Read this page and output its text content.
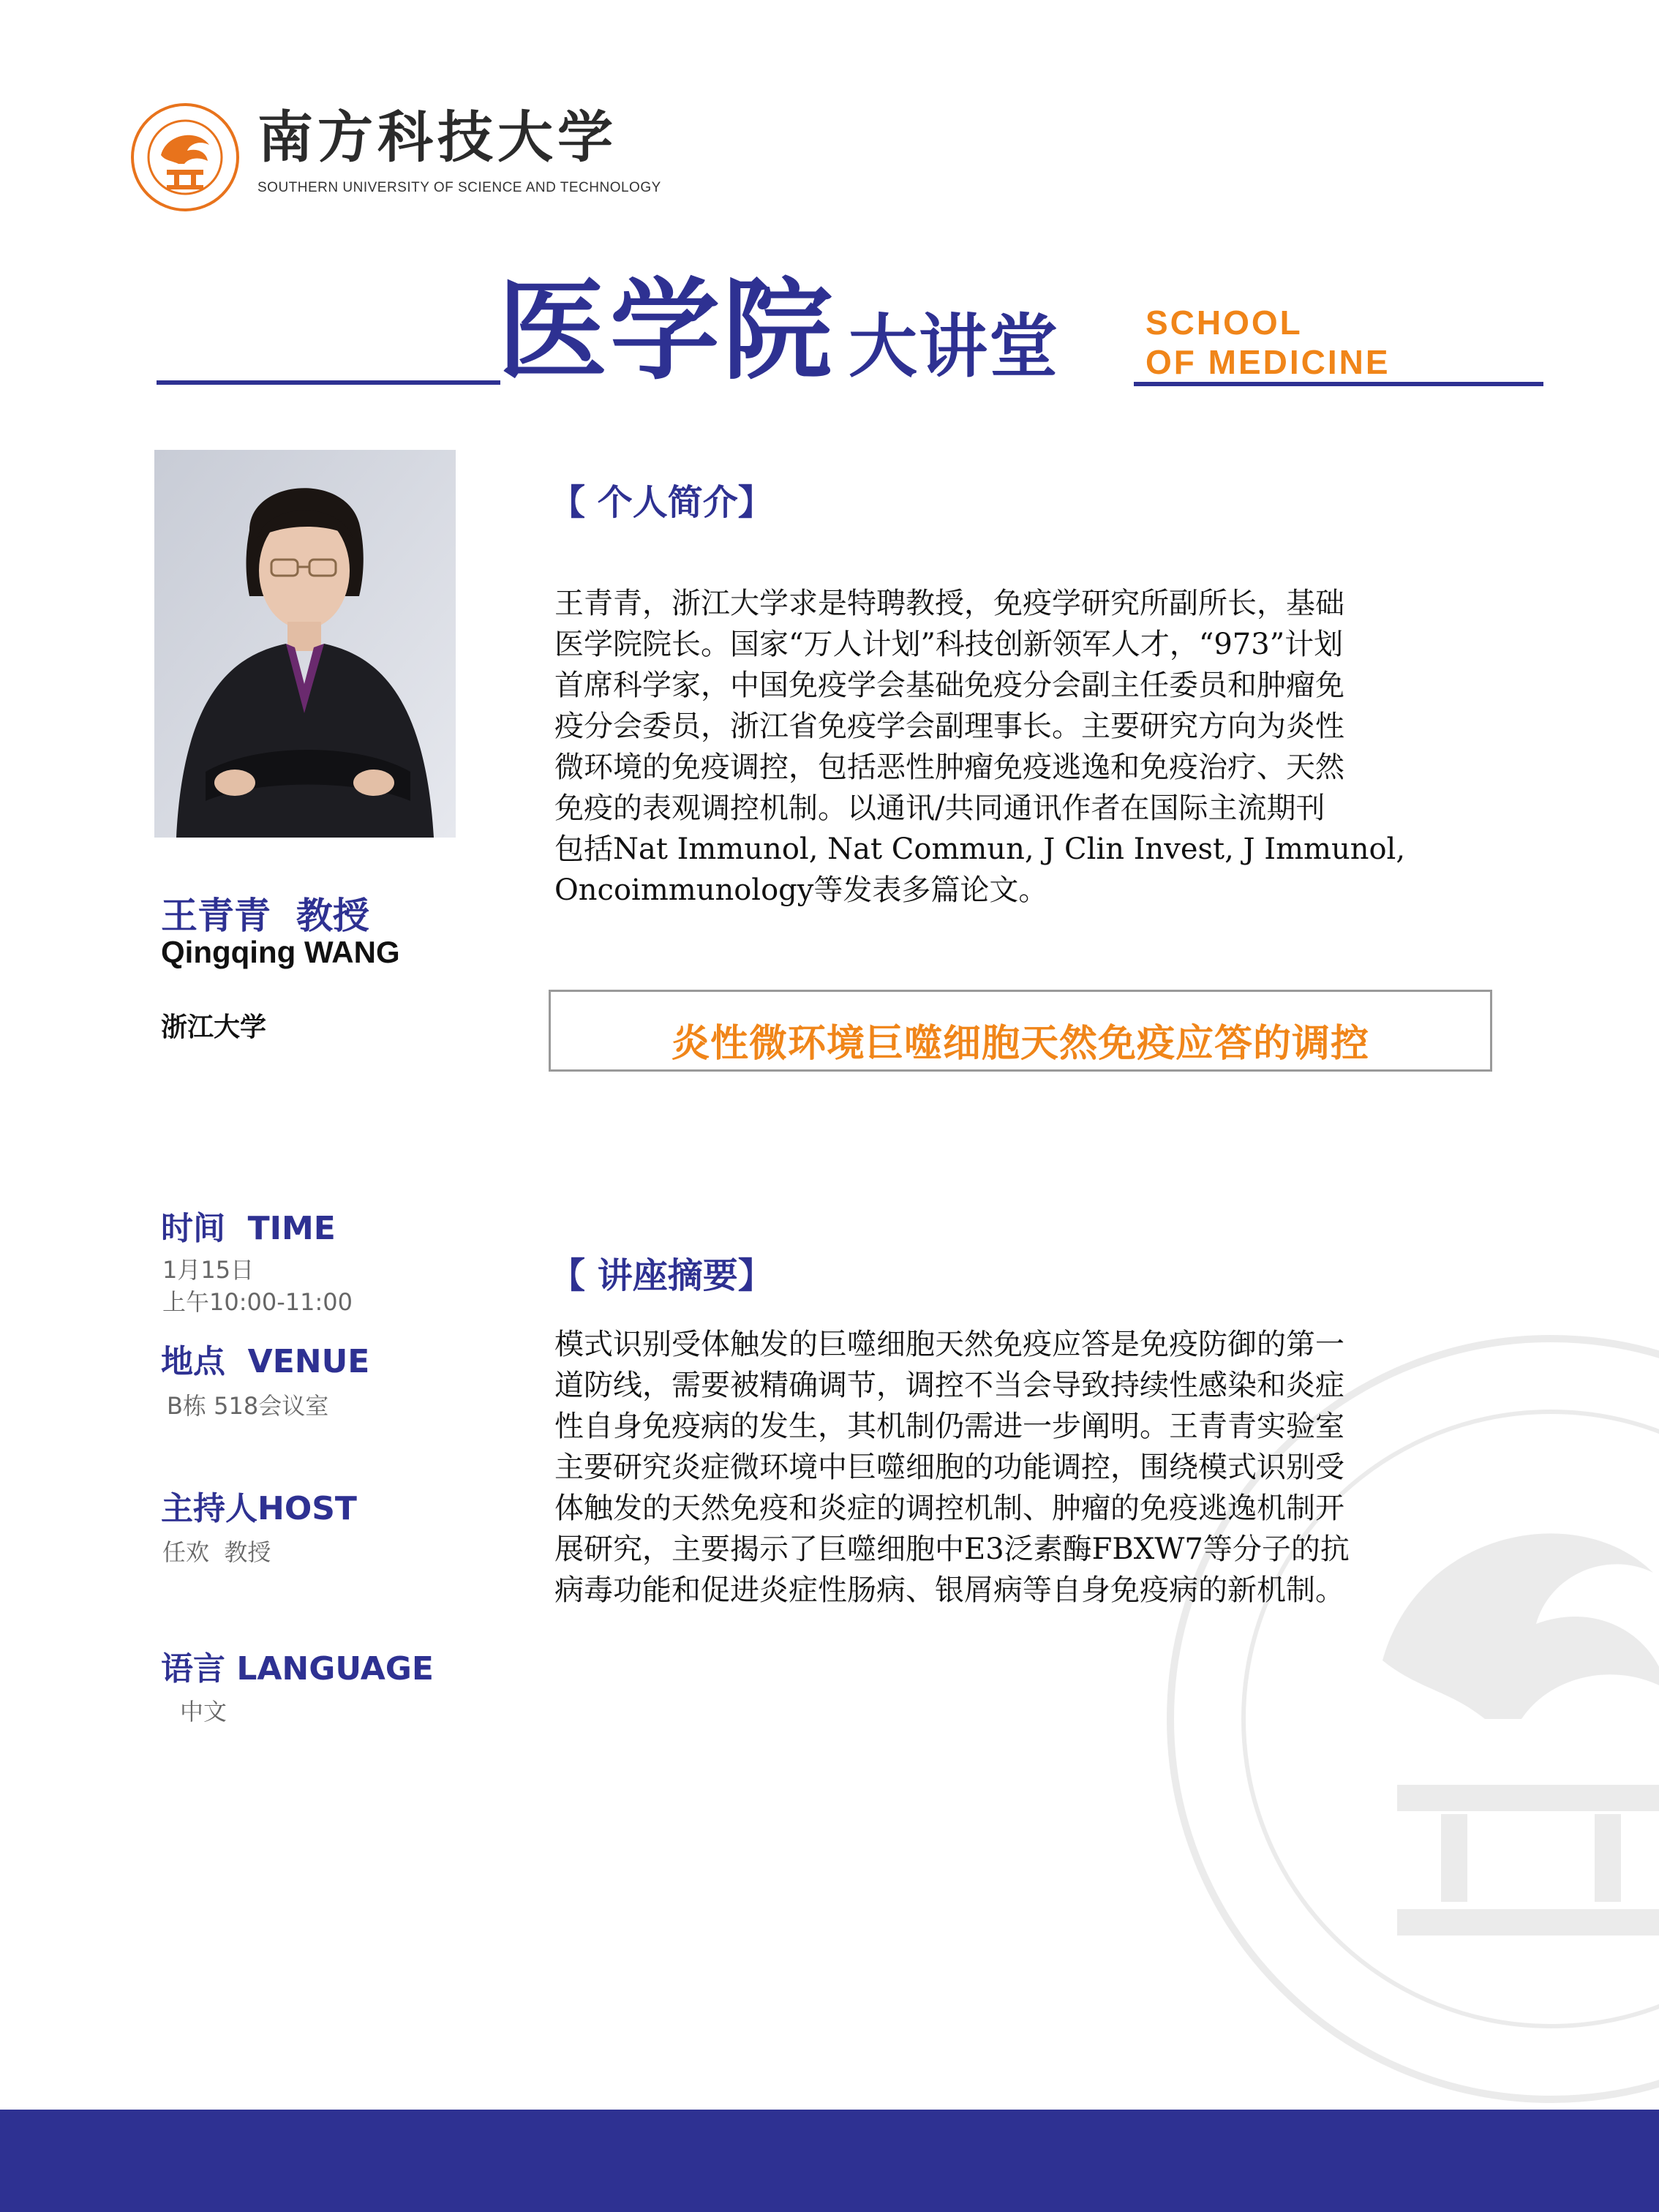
南方科技大学
SOUTHERN UNIVERSITY OF SCIENCE AND TECHNOLOGY
医学院 大讲堂	SCHOOL
OF MEDICINE
王青青  教授
Qingqing WANG
浙江大学
【 个人简介】
王青青，浙江大学求是特聘教授，免疫学研究所副所长，基础
医学院院长。国家“万人计划”科技创新领军人才，“973”计划
首席科学家，中国免疫学会基础免疫分会副主任委员和肿瘤免
疫分会委员，浙江省免疫学会副理事长。主要研究方向为炎性
微环境的免疫调控，包括恶性肿瘤免疫逃逸和免疫治疗、天然
免疫的表观调控机制。以通讯/共同通讯作者在国际主流期刊
包括Nat Immunol, Nat Commun, J Clin Invest, J Immunol,
Oncoimmunology等发表多篇论文。
炎性微环境巨噬细胞天然免疫应答的调控
【 讲座摘要】
模式识别受体触发的巨噬细胞天然免疫应答是免疫防御的第一
道防线，需要被精确调节，调控不当会导致持续性感染和炎症
性自身免疫病的发生，其机制仍需进一步阐明。王青青实验室
主要研究炎症微环境中巨噬细胞的功能调控，围绕模式识别受
体触发的天然免疫和炎症的调控机制、肿瘤的免疫逃逸机制开
展研究，主要揭示了巨噬细胞中E3泛素酶FBXW7等分子的抗
病毒功能和促进炎症性肠病、银屑病等自身免疫病的新机制。
时间  TIME
1月15日
上午10:00-11:00
地点  VENUE
B栋 518会议室
主持人HOST
任欢  教授
语言 LANGUAGE
中文
